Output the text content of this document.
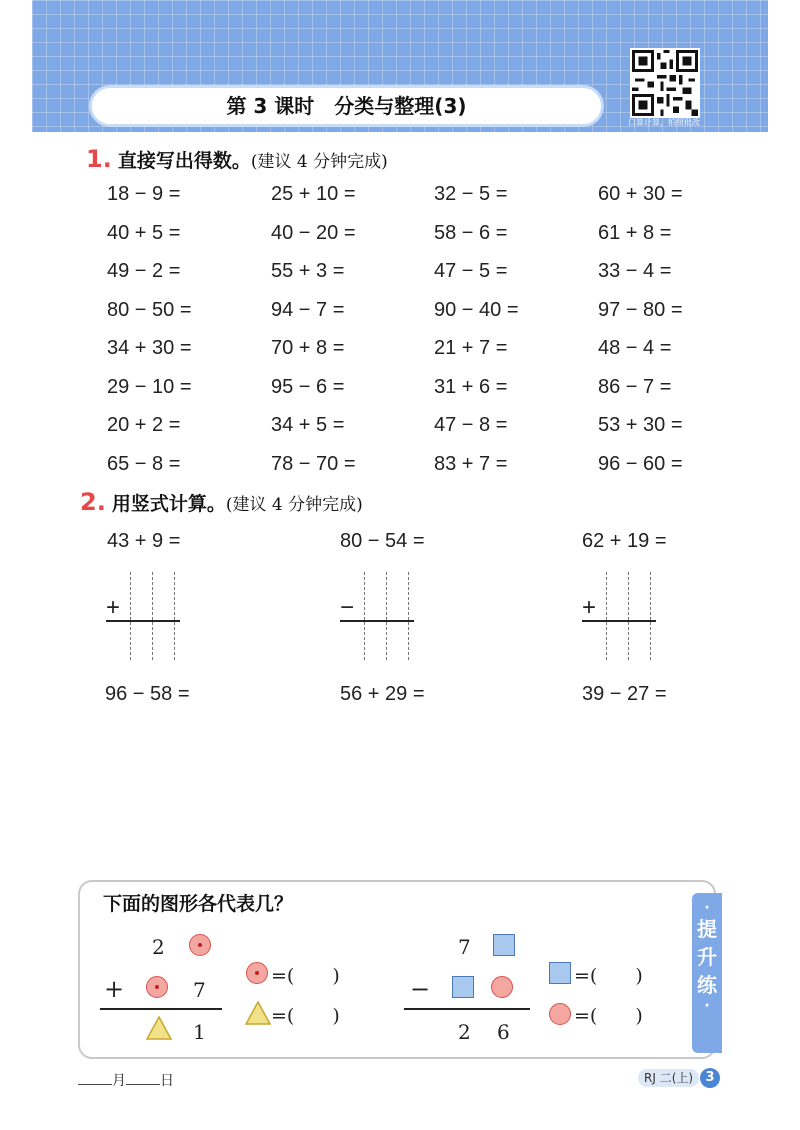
第 3 课时　分类与整理(3)
口算计算，拍照批改
1. 直接写出得数。(建议 4 分钟完成)
18 − 9 =	25 + 10 =	32 − 5 =	60 + 30 =
40 + 5 =	40 − 20 =	58 − 6 =	61 + 8 =
49 − 2 =	55 + 3 =	47 − 5 =	33 − 4 =
80 − 50 =	94 − 7 =	90 − 40 =	97 − 80 =
34 + 30 =	70 + 8 =	21 + 7 =	48 − 4 =
29 − 10 =	95 − 6 =	31 + 6 =	86 − 7 =
20 + 2 =	34 + 5 =	47 − 8 =	53 + 30 =
65 − 8 =	78 − 70 =	83 + 7 =	96 − 60 =
2. 用竖式计算。(建议 4 分钟完成)
43 + 9 =	80 − 54 =	62 + 19 =
+	−	+
96 − 58 =	56 + 29 =	39 − 27 =
·
提
升
练
·
下面的图形各代表几？
2
+	7
1
=(　　)
=(　　)
7
−
2 6
=(　　)
=(　　)
月 日	RJ 二(上) 3
